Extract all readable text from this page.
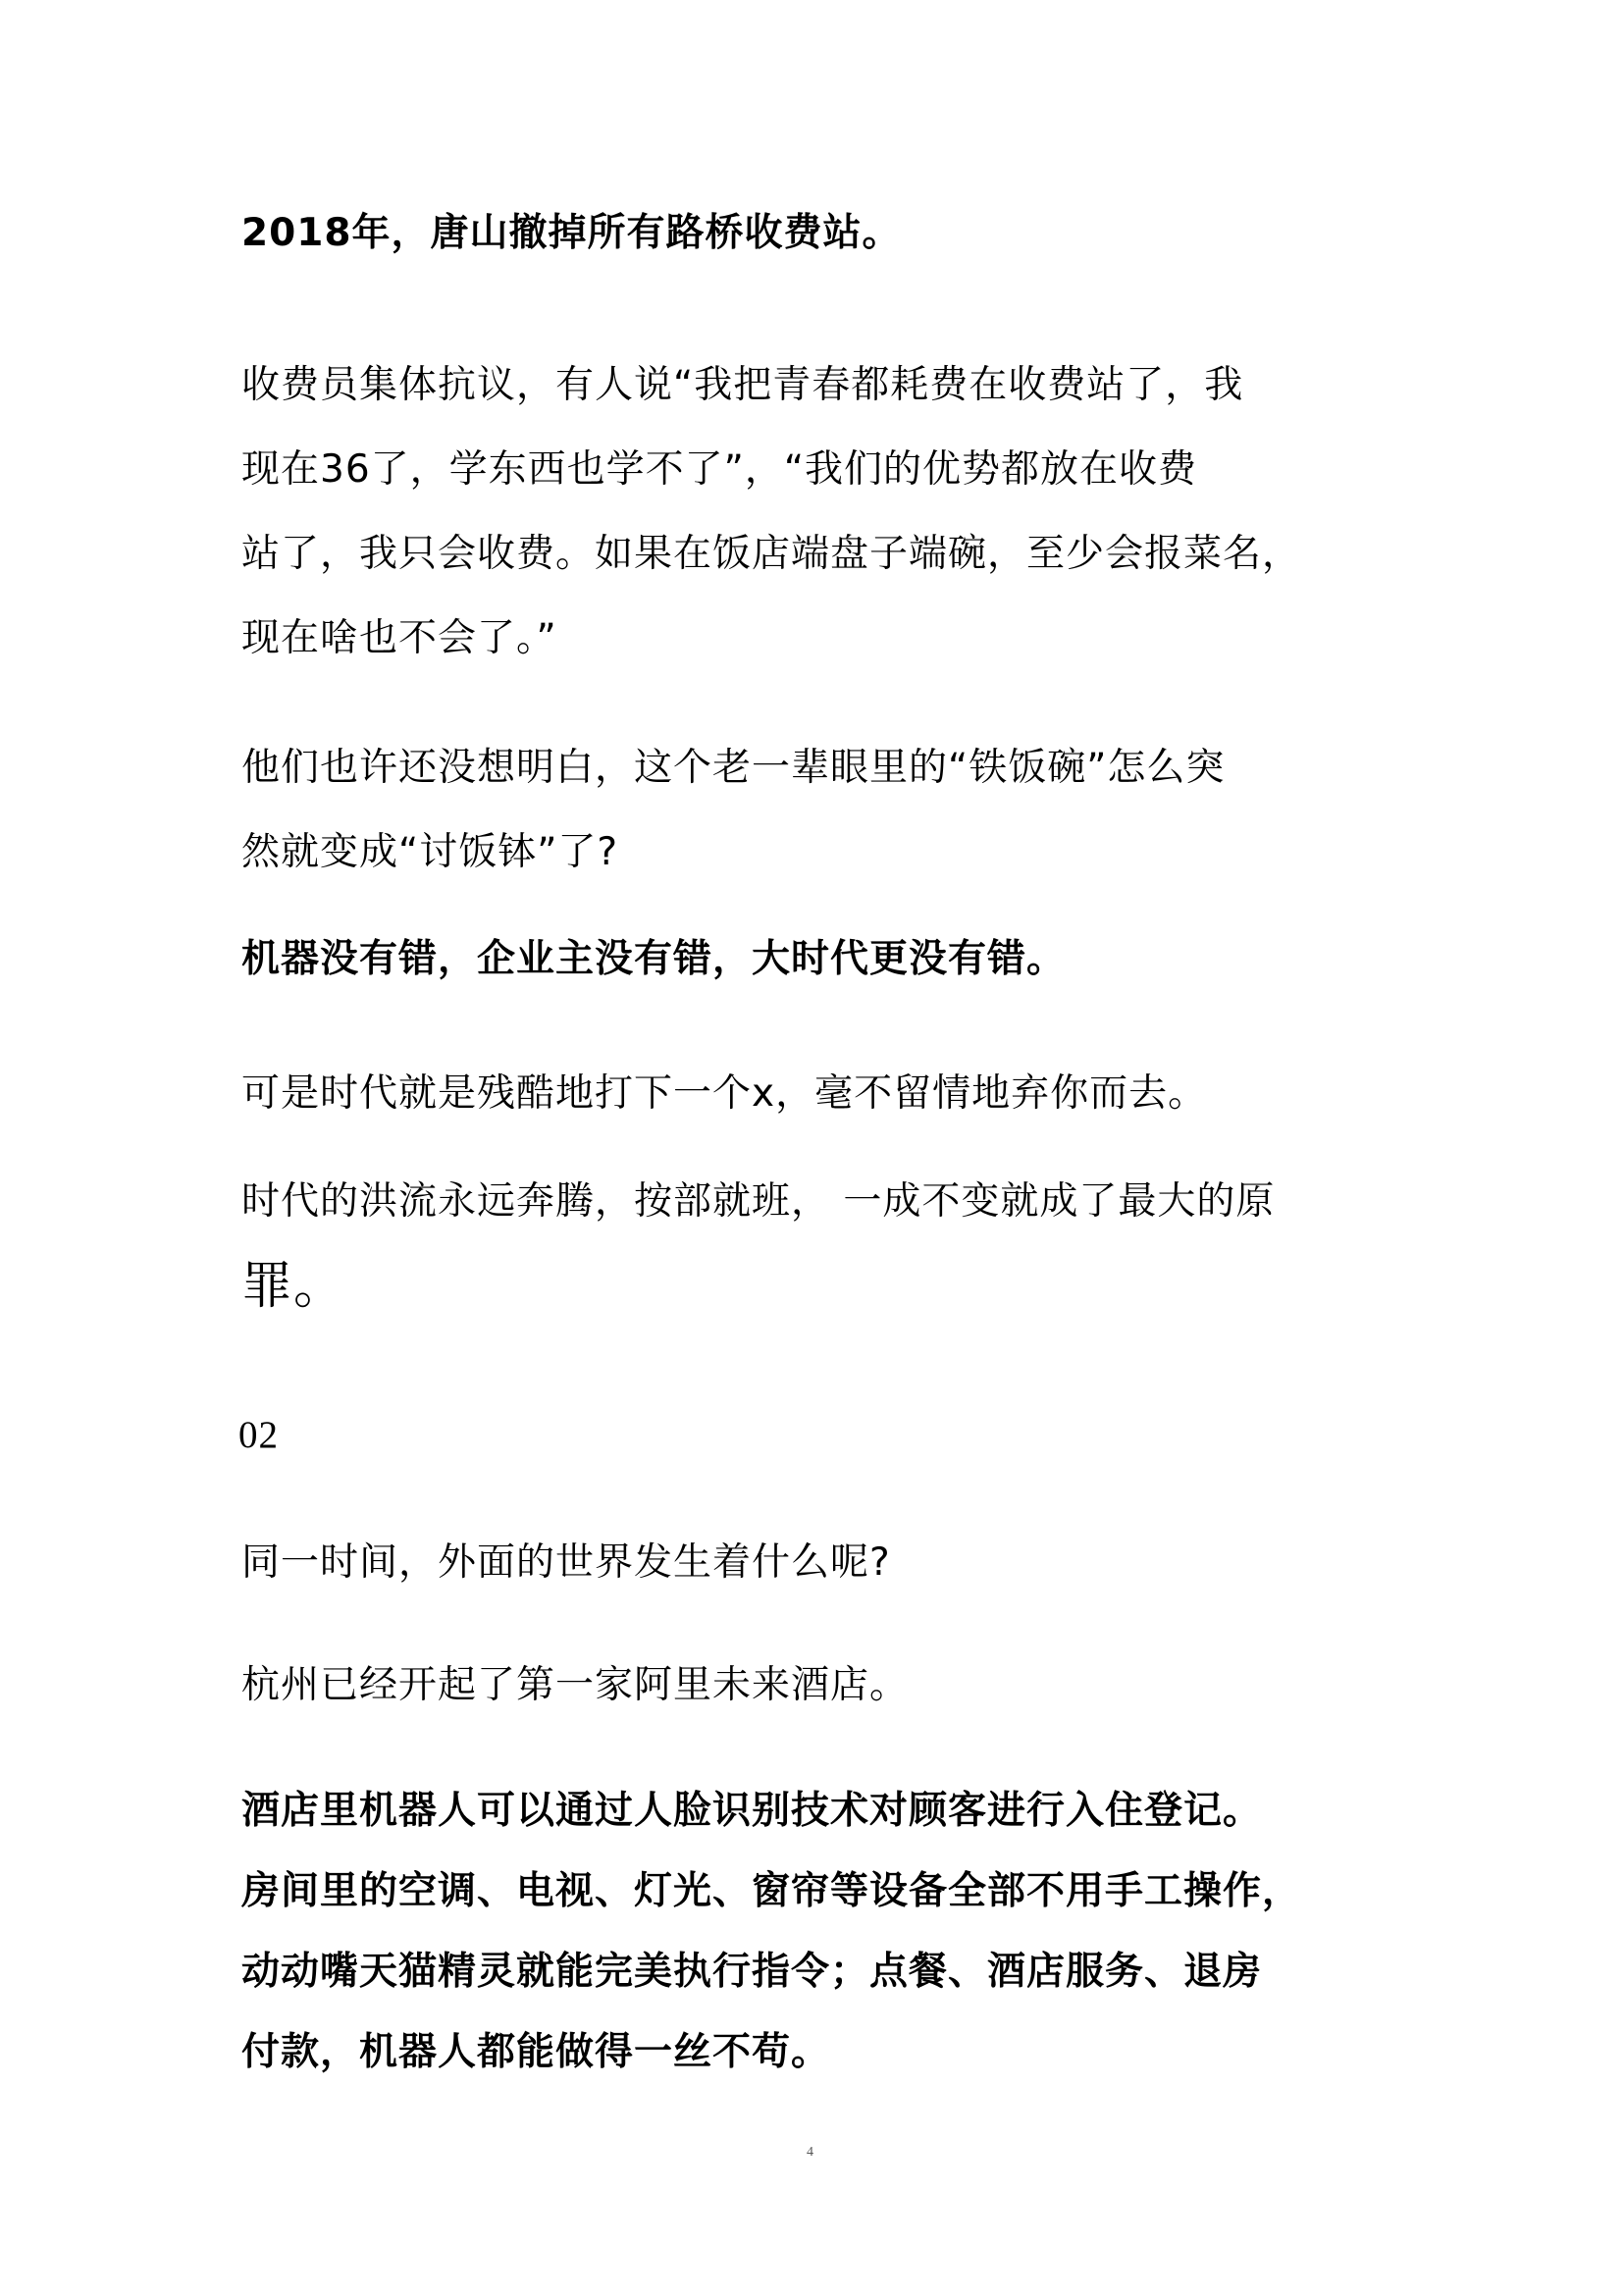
2018年，唐山撤掉所有路桥收费站。

收费员集体抗议，有人说“我把青春都耗费在收费站了，我
现在36了，学东西也学不了”，“我们的优势都放在收费
站了，我只会收费。如果在饭店端盘子端碗，至少会报菜名，
现在啥也不会了。”

他们也许还没想明白，这个老一辈眼里的“铁饭碗”怎么突
然就变成“讨饭钵”了?

机器没有错，企业主没有错，大时代更没有错。

可是时代就是残酷地打下一个x，毫不留情地弃你而去。

时代的洪流永远奔腾，按部就班， 一成不变就成了最大的原
罪。

02

同一时间，外面的世界发生着什么呢?

杭州已经开起了第一家阿里未来酒店。

酒店里机器人可以通过人脸识别技术对顾客进行入住登记。
房间里的空调、电视、灯光、窗帘等设备全部不用手工操作，
动动嘴天猫精灵就能完美执行指令；点餐、酒店服务、退房
付款，机器人都能做得一丝不苟。

4
